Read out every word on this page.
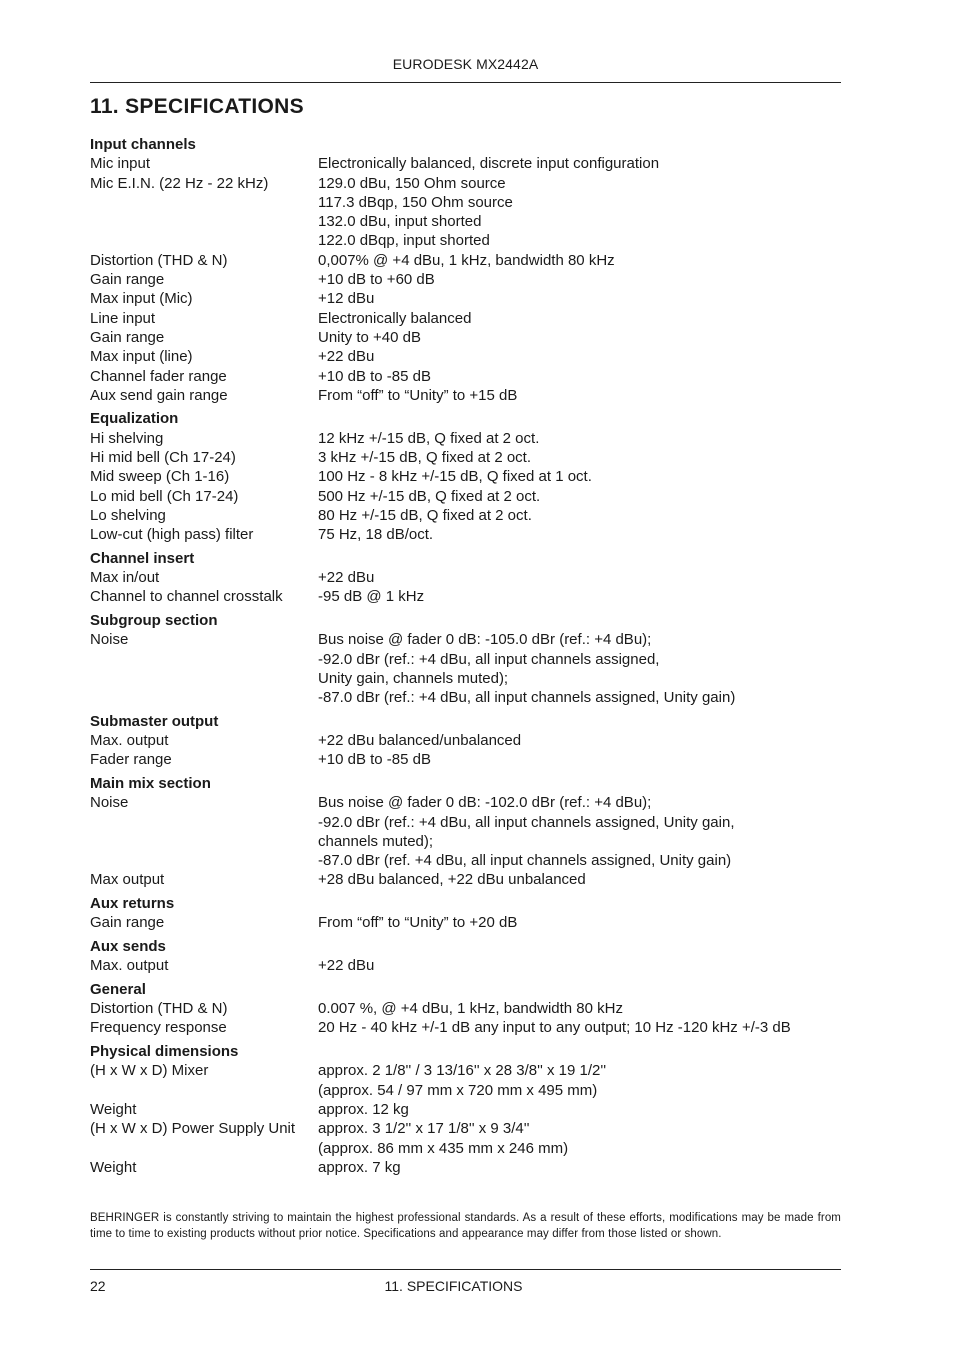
EURODESK MX2442A
11. SPECIFICATIONS
Input channels
Mic input	Electronically balanced, discrete input configuration
Mic E.I.N. (22 Hz - 22 kHz)	129.0 dBu, 150 Ohm source
117.3 dBqp, 150 Ohm source
132.0 dBu, input shorted
122.0 dBqp, input shorted
Distortion (THD & N)	0,007% @ +4 dBu, 1 kHz, bandwidth 80 kHz
Gain range	+10 dB to +60 dB
Max input (Mic)	+12 dBu
Line input	Electronically balanced
Gain range	Unity to +40 dB
Max input (line)	+22 dBu
Channel fader range	+10 dB to -85 dB
Aux send gain range	From “off” to “Unity” to +15 dB
Equalization
Hi shelving	12 kHz +/-15 dB, Q fixed at 2 oct.
Hi mid bell (Ch 17-24)	3 kHz +/-15 dB, Q fixed at 2 oct.
Mid sweep (Ch 1-16)	100 Hz - 8 kHz +/-15 dB, Q fixed at 1 oct.
Lo mid bell (Ch 17-24)	500 Hz +/-15 dB, Q fixed at 2 oct.
Lo shelving	80 Hz +/-15 dB, Q fixed at 2 oct.
Low-cut (high pass) filter	75 Hz, 18 dB/oct.
Channel insert
Max in/out	+22 dBu
Channel to channel crosstalk	-95 dB @ 1 kHz
Subgroup section
Noise	Bus noise @ fader 0 dB: -105.0 dBr (ref.: +4 dBu);
-92.0 dBr (ref.: +4 dBu, all input channels assigned,
Unity gain, channels muted);
-87.0 dBr (ref.: +4 dBu, all input channels assigned, Unity gain)
Submaster output
Max. output	+22 dBu balanced/unbalanced
Fader range	+10 dB to -85 dB
Main mix section
Noise	Bus noise @ fader 0 dB: -102.0 dBr (ref.: +4 dBu);
-92.0 dBr (ref.: +4 dBu, all input channels assigned, Unity gain,
channels muted);
-87.0 dBr (ref. +4 dBu, all input channels assigned, Unity gain)
Max output	+28 dBu balanced, +22 dBu unbalanced
Aux returns
Gain range	From “off” to “Unity” to +20 dB
Aux sends
Max. output	+22 dBu
General
Distortion (THD & N)	0.007 %, @ +4 dBu, 1 kHz, bandwidth 80 kHz
Frequency response	20 Hz - 40 kHz +/-1 dB any input to any output; 10 Hz -120 kHz +/-3 dB
Physical dimensions
(H x W x D) Mixer	approx. 2 1/8'' / 3 13/16'' x 28 3/8'' x 19 1/2''
(approx. 54 / 97 mm x 720 mm x 495 mm)
Weight	approx. 12 kg
(H x W x D) Power Supply Unit	approx. 3 1/2'' x 17 1/8'' x 9 3/4''
(approx. 86 mm x 435 mm x 246 mm)
Weight	approx. 7 kg
BEHRINGER is constantly striving to maintain the highest professional standards. As a result of these efforts, modifications may be made from time to time to existing products without prior notice. Specifications and appearance may differ from those listed or shown.
22	11. SPECIFICATIONS
